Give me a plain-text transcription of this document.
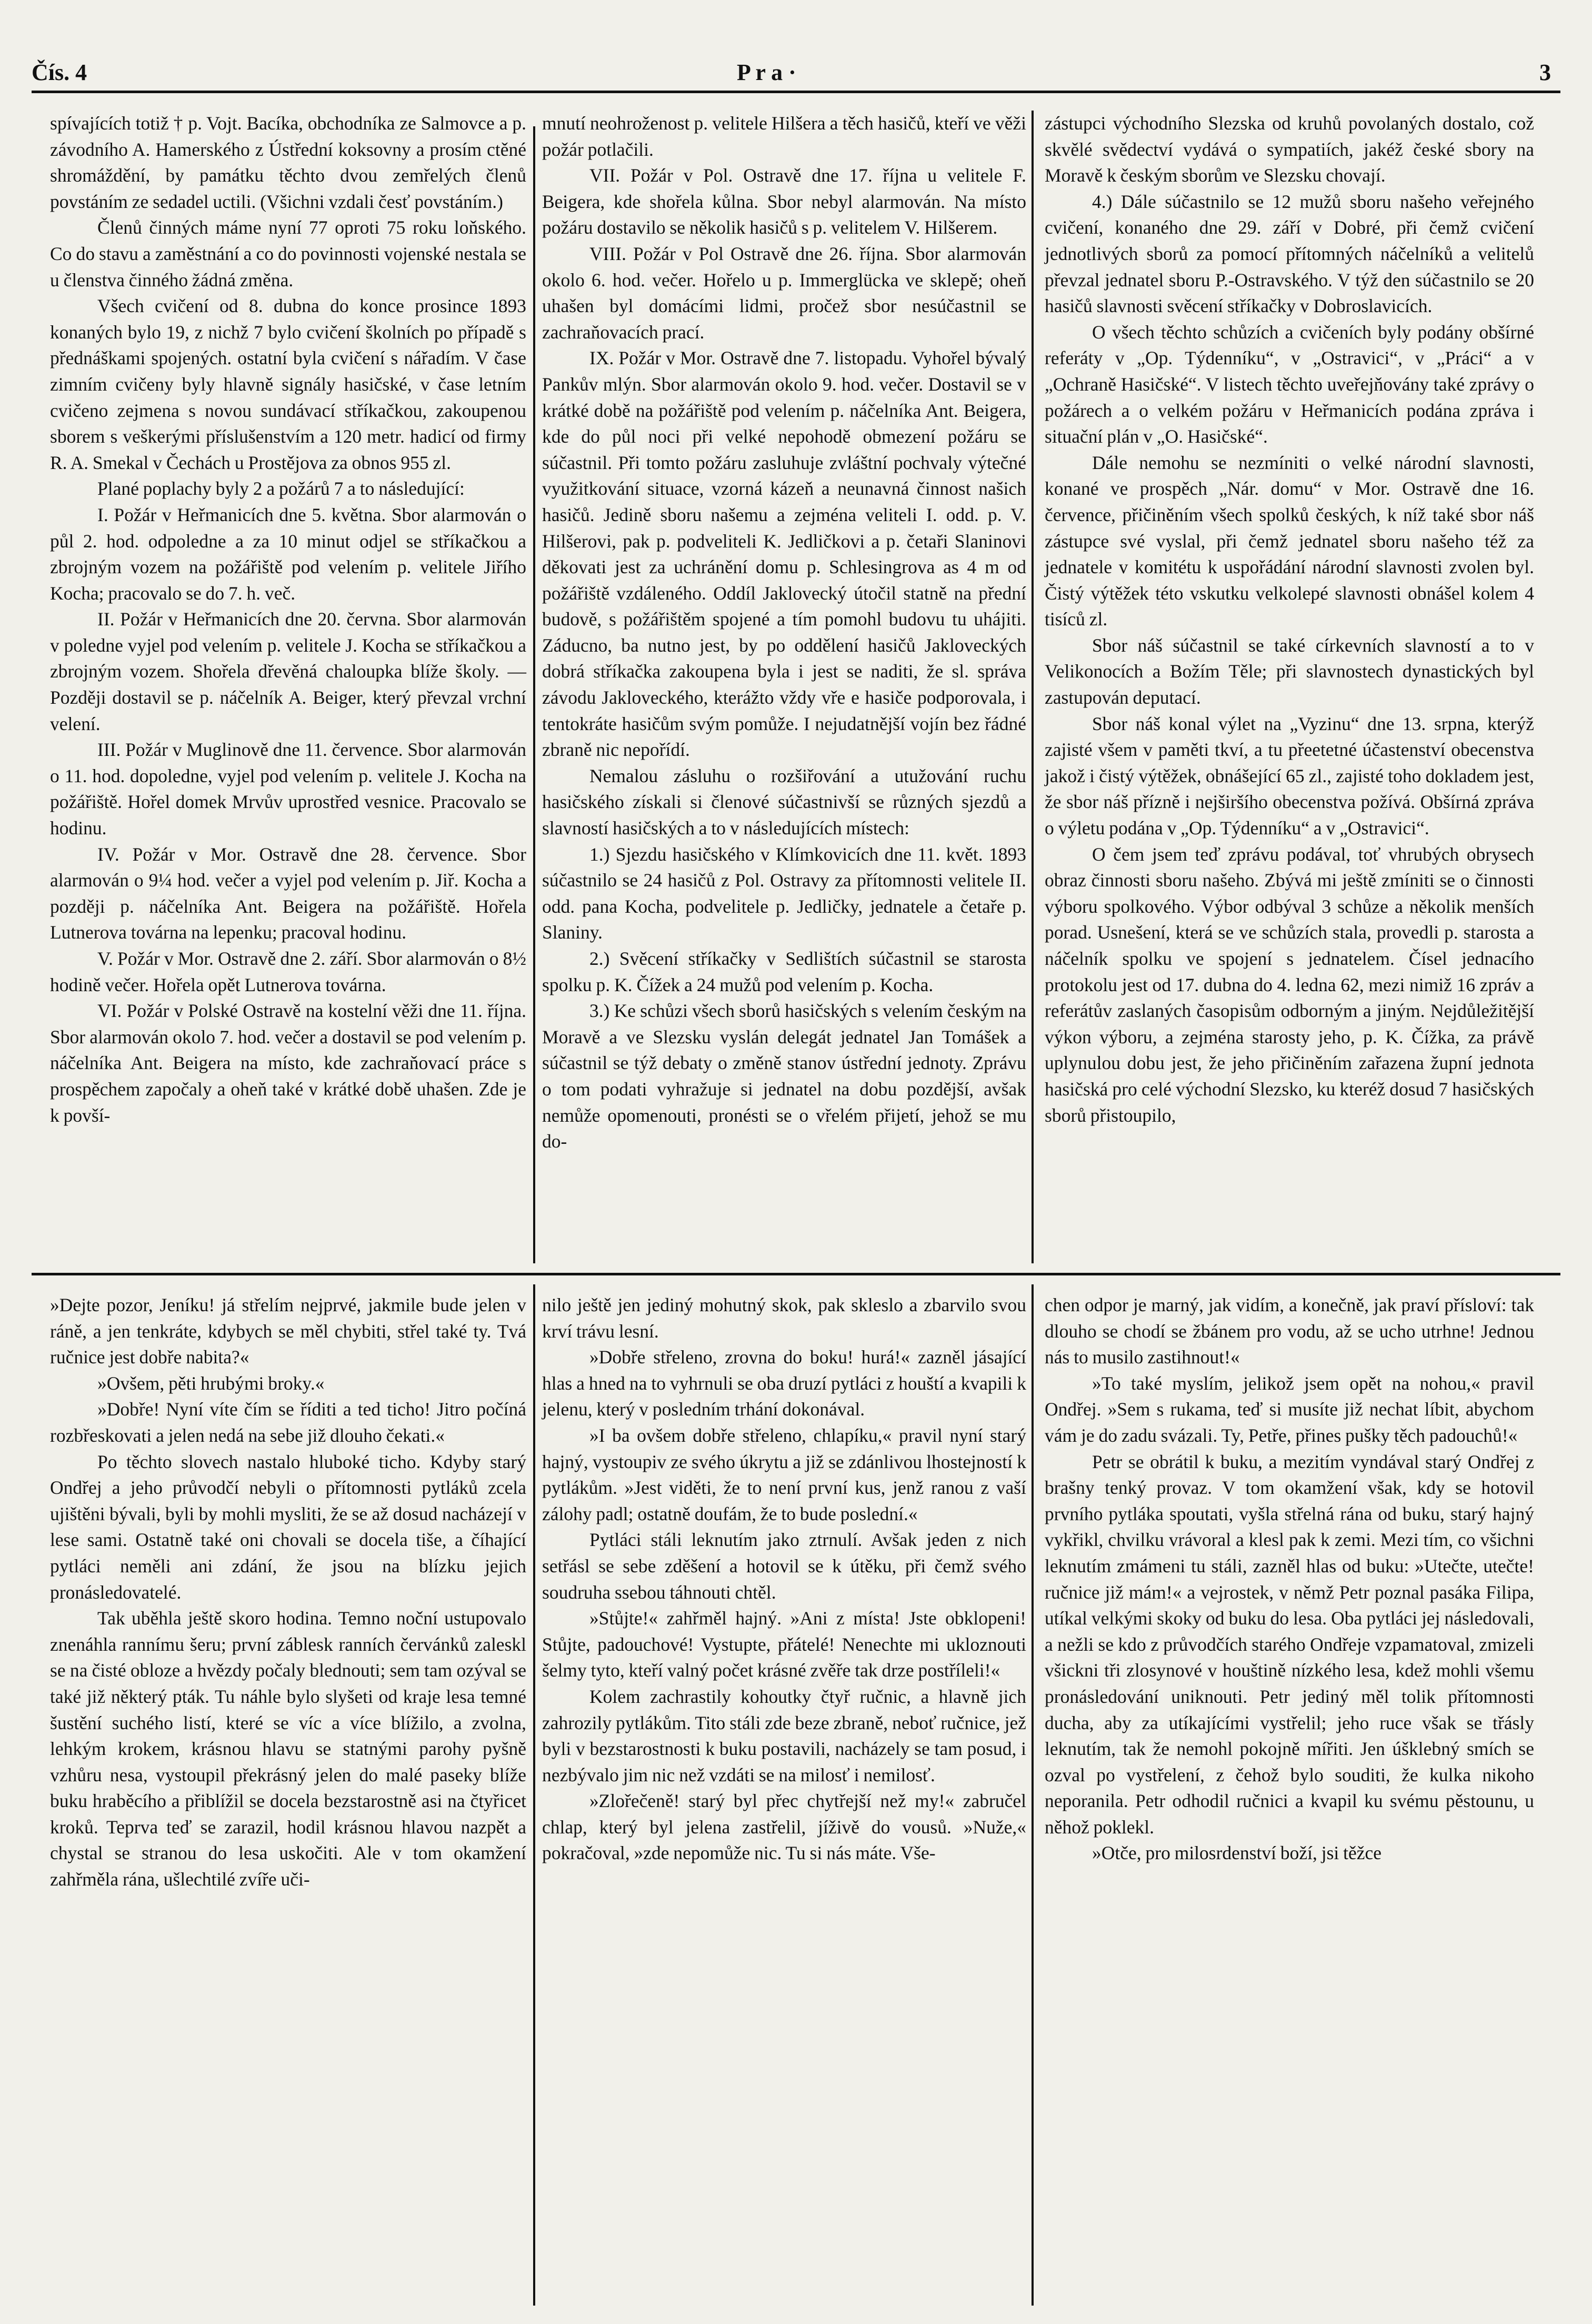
Čís. 4	P r a ·	3

spívajících totiž † p. Vojt. Bacíka, obchodníka ze Salmovce a p. závodního A. Hamerského z Ústřední koksovny a prosím ctěné shromáždění, by památku těchto dvou zemřelých členů povstáním ze sedadel uctili. (Všichni vzdali česť povstáním.)

Členů činných máme nyní 77 oproti 75 roku loňského. Co do stavu a zaměstnání a co do povinnosti vojenské nestala se u členstva činného žádná změna.

Všech cvičení od 8. dubna do konce prosince 1893 konaných bylo 19, z nichž 7 bylo cvičení školních po případě s přednáškami spojených. ostatní byla cvičení s nářadím. V čase zimním cvičeny byly hlavně signály hasičské, v čase letním cvičeno zejmena s novou sundávací stříkačkou, zakoupenou sborem s veškerými příslušenstvím a 120 metr. hadicí od firmy R. A. Smekal v Čechách u Prostějova za obnos 955 zl.

Plané poplachy byly 2 a požárů 7 a to následující:

I. Požár v Heřmanicích dne 5. května. Sbor alarmován o půl 2. hod. odpoledne a za 10 minut odjel se stříkačkou a zbrojným vozem na požářiště pod velením p. velitele Jiřího Kocha; pracovalo se do 7. h. več.

II. Požár v Heřmanicích dne 20. června. Sbor alarmován v poledne vyjel pod velením p. velitele J. Kocha se stříkačkou a zbrojným vozem. Shořela dřevěná chaloupka blíže školy. — Později dostavil se p. náčelník A. Beiger, který převzal vrchní velení.

III. Požár v Muglinově dne 11. července. Sbor alarmován o 11. hod. dopoledne, vyjel pod velením p. velitele J. Kocha na požářiště. Hořel domek Mrvův uprostřed vesnice. Pracovalo se hodinu.

IV. Požár v Mor. Ostravě dne 28. července. Sbor alarmován o 9¼ hod. večer a vyjel pod velením p. Jiř. Kocha a později p. náčelníka Ant. Beigera na požářiště. Hořela Lutnerova továrna na lepenku; pracoval hodinu.

V. Požár v Mor. Ostravě dne 2. září. Sbor alarmován o 8½ hodině večer. Hořela opět Lutnerova továrna.

VI. Požár v Polské Ostravě na kostelní věži dne 11. října. Sbor alarmován okolo 7. hod. večer a dostavil se pod velením p. náčelníka Ant. Beigera na místo, kde zachraňovací práce s prospěchem započaly a oheň také v krátké době uhašen. Zde je k povší-

mnutí neohroženost p. velitele Hilšera a těch hasičů, kteří ve věži požár potlačili.

VII. Požár v Pol. Ostravě dne 17. října u velitele F. Beigera, kde shořela kůlna. Sbor nebyl alarmován. Na místo požáru dostavilo se několik hasičů s p. velitelem V. Hilšerem.

VIII. Požár v Pol Ostravě dne 26. října. Sbor alarmován okolo 6. hod. večer. Hořelo u p. Immerglücka ve sklepě; oheň uhašen byl domácími lidmi, pročež sbor nesúčastnil se zachraňovacích prací.

IX. Požár v Mor. Ostravě dne 7. listopadu. Vyhořel bývalý Pankův mlýn. Sbor alarmován okolo 9. hod. večer. Dostavil se v krátké době na požářiště pod velením p. náčelníka Ant. Beigera, kde do půl noci při velké nepohodě obmezení požáru se súčastnil. Při tomto požáru zasluhuje zvláštní pochvaly výtečné využitkování situace, vzorná kázeň a neunavná činnost našich hasičů. Jedině sboru našemu a zejména veliteli I. odd. p. V. Hilšerovi, pak p. podveliteli K. Jedličkovi a p. četaři Slaninovi děkovati jest za uchránění domu p. Schlesingrova as 4 m od požářiště vzdáleného. Oddíl Jaklovecký útočil statně na přední budově, s požářištěm spojené a tím pomohl budovu tu uhájiti. Záducno, ba nutno jest, by po oddělení hasičů Jakloveckých dobrá stříkačka zakoupena byla i jest se naditi, že sl. správa závodu Jakloveckého, kterážto vždy vře e hasiče podporovala, i tentokráte hasičům svým pomůže. I nejudatnější vojín bez řádné zbraně nic nepořídí.

Nemalou zásluhu o rozšiřování a utužování ruchu hasičského získali si členové súčastnivší se různých sjezdů a slavností hasičských a to v následujících místech:

1.) Sjezdu hasičského v Klímkovicích dne 11. květ. 1893 súčastnilo se 24 hasičů z Pol. Ostravy za přítomnosti velitele II. odd. pana Kocha, podvelitele p. Jedličky, jednatele a četaře p. Slaniny.

2.) Svěcení stříkačky v Sedlištích súčastnil se starosta spolku p. K. Čížek a 24 mužů pod velením p. Kocha.

3.) Ke schůzi všech sborů hasičských s velením českým na Moravě a ve Slezsku vyslán delegát jednatel Jan Tomášek a súčastnil se týž debaty o změně stanov ústřední jednoty. Zprávu o tom podati vyhražuje si jednatel na dobu pozdější, avšak nemůže opomenouti, pronésti se o vřelém přijetí, jehož se mu do-

zástupci východního Slezska od kruhů povolaných dostalo, což skvělé svědectví vydává o sympatiích, jakéž české sbory na Moravě k českým sborům ve Slezsku chovají.

4.) Dále súčastnilo se 12 mužů sboru našeho veřejného cvičení, konaného dne 29. září v Dobré, při čemž cvičení jednotlivých sborů za pomocí přítomných náčelníků a velitelů převzal jednatel sboru P.-Ostravského. V týž den súčastnilo se 20 hasičů slavnosti svěcení stříkačky v Dobroslavicích.

O všech těchto schůzích a cvičeních byly podány obšírné referáty v „Op. Týdenníku“, v „Ostravici“, v „Práci“ a v „Ochraně Hasičské“. V listech těchto uveřejňovány také zprávy o požárech a o velkém požáru v Heřmanicích podána zpráva i situační plán v „O. Hasičské“.

Dále nemohu se nezmíniti o velké národní slavnosti, konané ve prospěch „Nár. domu“ v Mor. Ostravě dne 16. července, přičiněním všech spolků českých, k níž také sbor náš zástupce své vyslal, při čemž jednatel sboru našeho též za jednatele v komitétu k uspořádání národní slavnosti zvolen byl. Čistý výtěžek této vskutku velkolepé slavnosti obnášel kolem 4 tisíců zl.

Sbor náš súčastnil se také církevních slavností a to v Velikonocích a Božím Těle; při slavnostech dynastických byl zastupován deputací.

Sbor náš konal výlet na „Vyzinu“ dne 13. srpna, kterýž zajisté všem v paměti tkví, a tu přeetetné účastenství obecenstva jakož i čistý výtěžek, obnášející 65 zl., zajisté toho dokladem jest, že sbor náš přízně i nejširšího obecenstva požívá. Obšírná zpráva o výletu podána v „Op. Týdenníku“ a v „Ostravici“.

O čem jsem teď zprávu podával, toť vhrubých obrysech obraz činnosti sboru našeho. Zbývá mi ještě zmíniti se o činnosti výboru spolkového. Výbor odbýval 3 schůze a několik menších porad. Usnešení, která se ve schůzích stala, provedli p. starosta a náčelník spolku ve spojení s jednatelem. Čísel jednacího protokolu jest od 17. dubna do 4. ledna 62, mezi nimiž 16 zpráv a referátův zaslaných časopisům odborným a jiným. Nejdůležitější výkon výboru, a zejména starosty jeho, p. K. Čížka, za právě uplynulou dobu jest, že jeho přičiněním zařazena župní jednota hasičská pro celé východní Slezsko, ku kteréž dosud 7 hasičských sborů přistoupilo,

»Dejte pozor, Jeníku! já střelím nejprvé, jakmile bude jelen v ráně, a jen tenkráte, kdybych se měl chybiti, střel také ty. Tvá ručnice jest dobře nabita?«

»Ovšem, pěti hrubými broky.«

»Dobře! Nyní víte čím se říditi a ted ticho! Jitro počíná rozbřeskovati a jelen nedá na sebe již dlouho čekati.«

Po těchto slovech nastalo hluboké ticho. Kdyby starý Ondřej a jeho průvodčí nebyli o přítomnosti pytláků zcela ujištěni bývali, byli by mohli mysliti, že se až dosud nacházejí v lese sami. Ostatně také oni chovali se docela tiše, a číhající pytláci neměli ani zdání, že jsou na blízku jejich pronásledovatelé.

Tak uběhla ještě skoro hodina. Temno noční ustupovalo znenáhla rannímu šeru; první záblesk ranních červánků zaleskl se na čisté obloze a hvězdy počaly blednouti; sem tam ozýval se také již některý pták. Tu náhle bylo slyšeti od kraje lesa temné šustění suchého listí, které se víc a více blížilo, a zvolna, lehkým krokem, krásnou hlavu se statnými parohy pyšně vzhůru nesa, vystoupil překrásný jelen do malé paseky blíže buku hraběcího a přiblížil se docela bezstarostně asi na čtyřicet kroků. Teprva teď se zarazil, hodil krásnou hlavou nazpět a chystal se stranou do lesa uskočiti. Ale v tom okamžení zahřměla rána, ušlechtilé zvíře uči-

nilo ještě jen jediný mohutný skok, pak skleslo a zbarvilo svou krví trávu lesní.

»Dobře střeleno, zrovna do boku! hurá!« zazněl jásající hlas a hned na to vyhrnuli se oba druzí pytláci z houští a kvapili k jelenu, který v posledním trhání dokonával.

»I ba ovšem dobře střeleno, chlapíku,« pravil nyní starý hajný, vystoupiv ze svého úkrytu a již se zdánlivou lhostejností k pytlákům. »Jest viděti, že to není první kus, jenž ranou z vaší zálohy padl; ostatně doufám, že to bude poslední.«

Pytláci stáli leknutím jako ztrnulí. Avšak jeden z nich setřásl se sebe zděšení a hotovil se k útěku, při čemž svého soudruha ssebou táhnouti chtěl.

»Stůjte!« zahřměl hajný. »Ani z místa! Jste obklopeni! Stůjte, padouchové! Vystupte, přátelé! Nenechte mi ukloznouti šelmy tyto, kteří valný počet krásné zvěře tak drze postříleli!«

Kolem zachrastily kohoutky čtyř ručnic, a hlavně jich zahrozily pytlákům. Tito stáli zde beze zbraně, neboť ručnice, jež byli v bezstarostnosti k buku postavili, nacházely se tam posud, i nezbývalo jim nic než vzdáti se na milosť i nemilosť.

»Zlořečeně! starý byl přec chytřejší než my!« zabručel chlap, který byl jelena zastřelil, jíživě do vousů. »Nuže,« pokračoval, »zde nepomůže nic. Tu si nás máte. Vše-

chen odpor je marný, jak vidím, a konečně, jak praví přísloví: tak dlouho se chodí se žbánem pro vodu, až se ucho utrhne! Jednou nás to musilo zastihnout!«

»To také myslím, jelikož jsem opět na nohou,« pravil Ondřej. »Sem s rukama, teď si musíte již nechat líbit, abychom vám je do zadu svázali. Ty, Petře, přines pušky těch padouchů!«

Petr se obrátil k buku, a mezitím vyndával starý Ondřej z brašny tenký provaz. V tom okamžení však, kdy se hotovil prvního pytláka spoutati, vyšla střelná rána od buku, starý hajný vykřikl, chvilku vrávoral a klesl pak k zemi. Mezi tím, co všichni leknutím zmámeni tu stáli, zazněl hlas od buku: »Utečte, utečte! ručnice již mám!« a vejrostek, v němž Petr poznal pasáka Filipa, utíkal velkými skoky od buku do lesa. Oba pytláci jej následovali, a nežli se kdo z průvodčích starého Ondřeje vzpamatoval, zmizeli všickni tři zlosynové v houštině nízkého lesa, kdež mohli všemu pronásledování uniknouti. Petr jediný měl tolik přítomnosti ducha, aby za utíkajícími vystřelil; jeho ruce však se třásly leknutím, tak že nemohl pokojně mířiti. Jen úšklebný smích se ozval po vystřelení, z čehož bylo souditi, že kulka nikoho neporanila. Petr odhodil ručnici a kvapil ku svému pěstounu, u něhož poklekl.

»Otče, pro milosrdenství boží, jsi těžce
